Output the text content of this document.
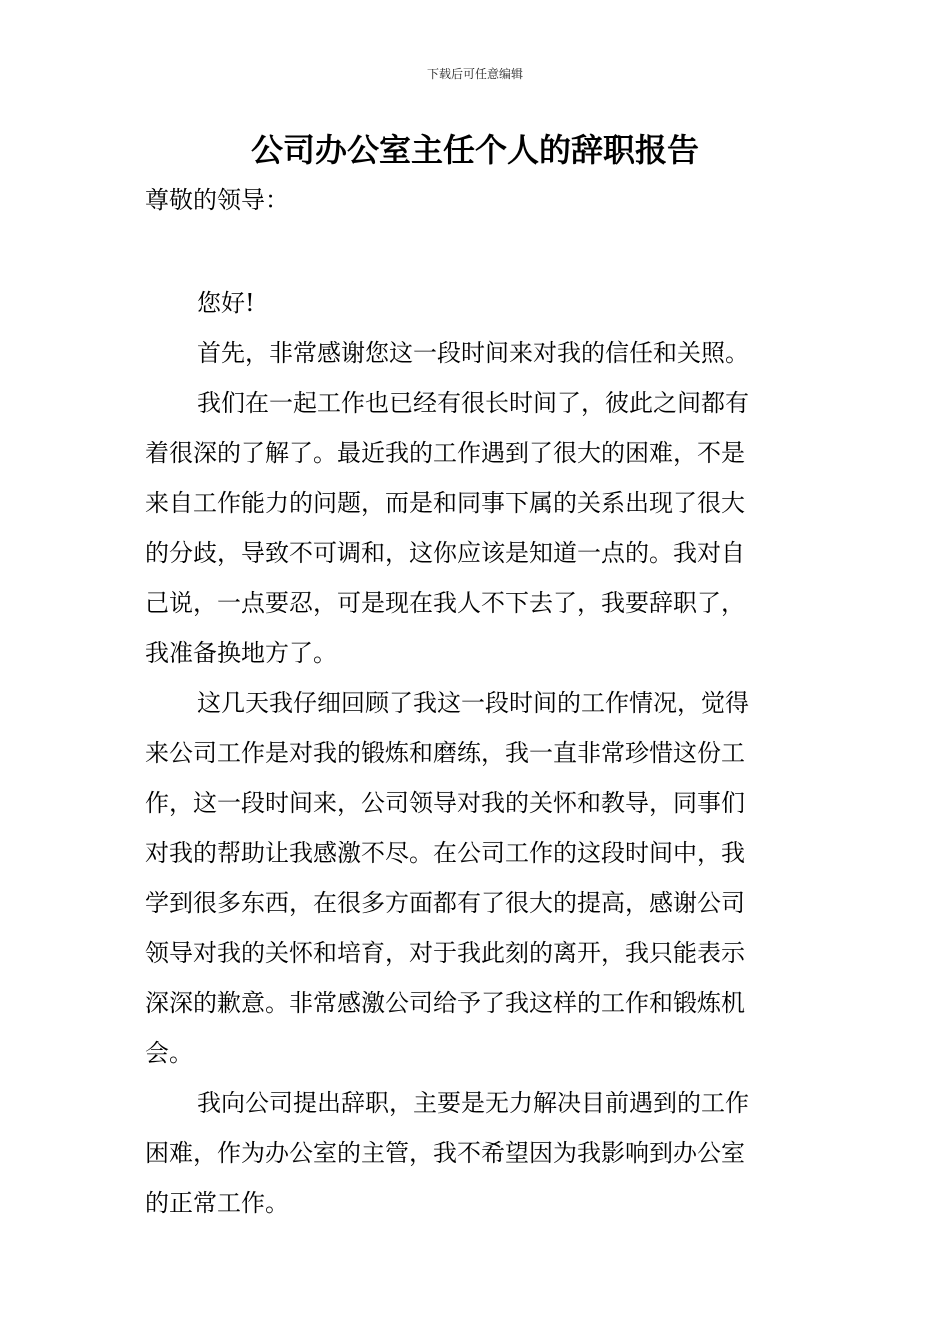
下载后可任意编辑
公司办公室主任个人的辞职报告
尊敬的领导：

您好!

首先，非常感谢您这一段时间来对我的信任和关照。

我们在一起工作也已经有很长时间了，彼此之间都有
着很深的了解了。最近我的工作遇到了很大的困难，不是
来自工作能力的问题，而是和同事下属的关系出现了很大
的分歧，导致不可调和，这你应该是知道一点的。我对自
己说，一点要忍，可是现在我人不下去了，我要辞职了，
我准备换地方了。

这几天我仔细回顾了我这一段时间的工作情况，觉得
来公司工作是对我的锻炼和磨练，我一直非常珍惜这份工
作，这一段时间来，公司领导对我的关怀和教导，同事们
对我的帮助让我感激不尽。在公司工作的这段时间中，我
学到很多东西，在很多方面都有了很大的提高，感谢公司
领导对我的关怀和培育，对于我此刻的离开，我只能表示
深深的歉意。非常感激公司给予了我这样的工作和锻炼机
会。

我向公司提出辞职，主要是无力解决目前遇到的工作
困难，作为办公室的主管，我不希望因为我影响到办公室
的正常工作。
